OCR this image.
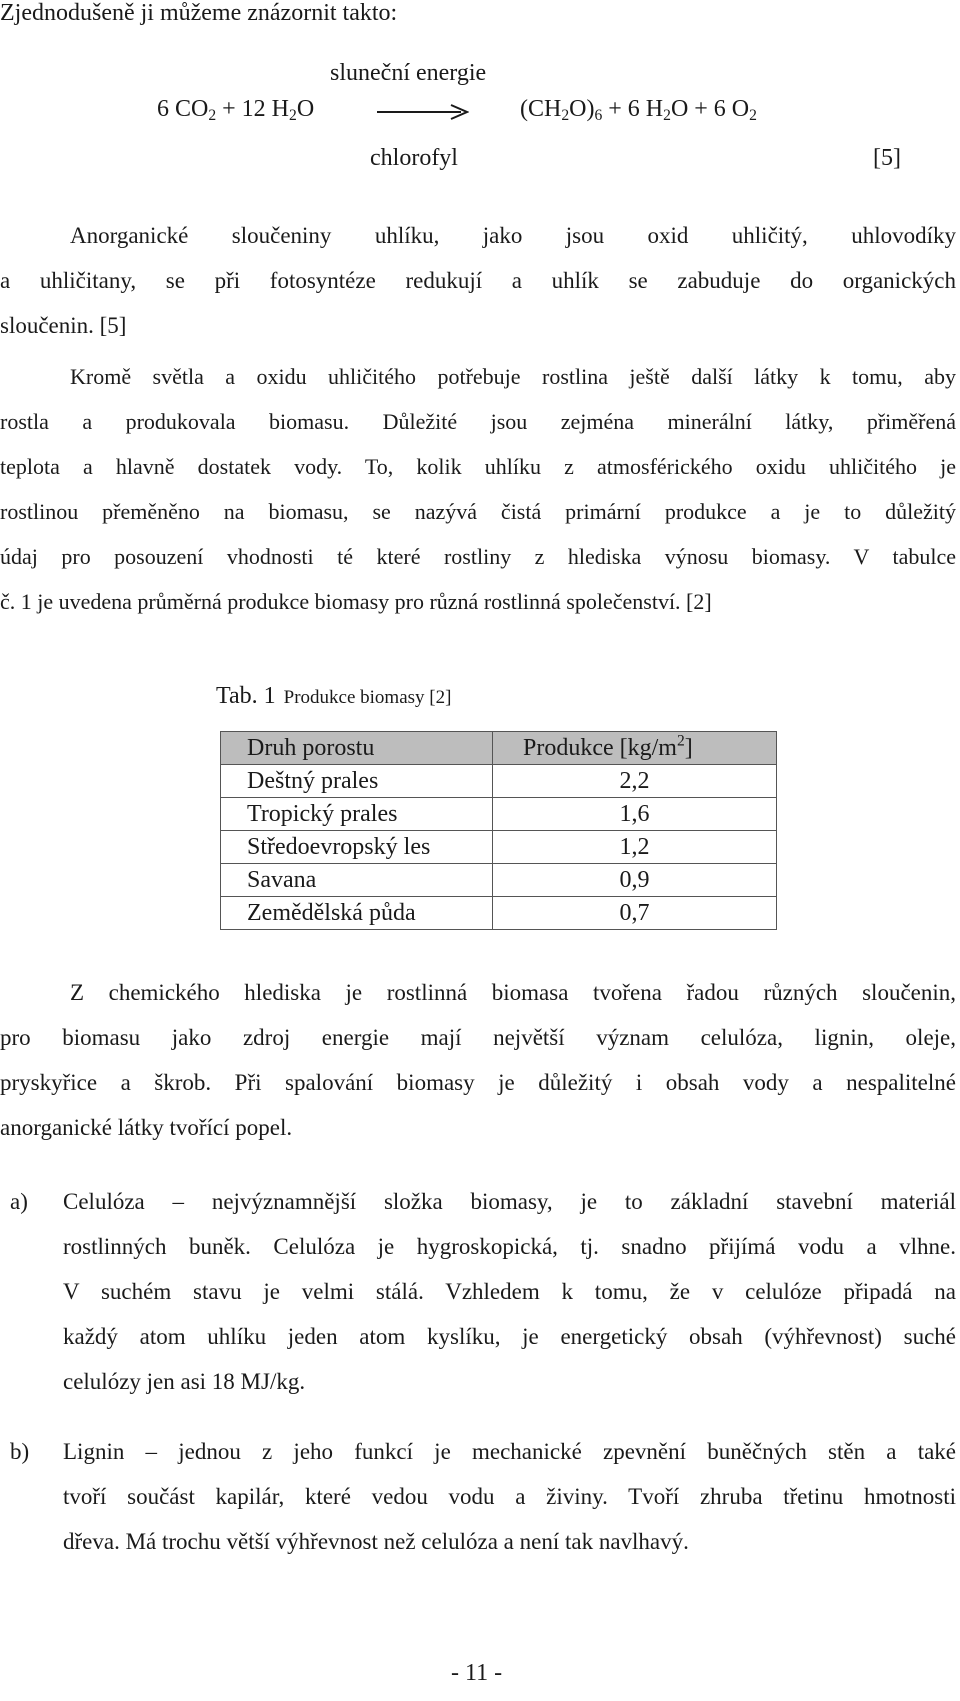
Zjednodušeně ji můžeme znázornit takto:
sluneční energie
6 $CO_2 + 12$ $H_2O$	$(CH_2O)_6 + 6$ $H_2O + 6$ $O_2$
chlorofyl	[5]
Anorganické sloučeniny uhlíku, jako jsou oxid uhličitý, uhlovodíky
a uhličitany, se při fotosyntéze redukují a uhlík se zabuduje do organických
sloučenin. [5]
Kromě světla a oxidu uhličitého potřebuje rostlina ještě další látky k tomu, aby
rostla a produkovala biomasu. Důležité jsou zejména minerální látky, přiměřená
teplota a hlavně dostatek vody. To, kolik uhlíku z atmosférického oxidu uhličitého je
rostlinou přeměněno na biomasu, se nazývá čistá primární produkce a je to důležitý
údaj pro posouzení vhodnosti té které rostliny z hlediska výnosu biomasy. V tabulce
č. 1 je uvedena průměrná produkce biomasy pro různá rostlinná společenství. [2]
Tab. 1 Produkce biomasy [2]
Druh porostu	Produkce $[kg/m^2]$
Deštný prales	2,2
Tropický prales	1,6
Středoevropský les	1,2
Savana	0,9
Zemědělská půda	0,7
Z chemického hlediska je rostlinná biomasa tvořena řadou různých sloučenin,
pro biomasu jako zdroj energie mají největší význam celulóza, lignin, oleje,
pryskyřice a škrob. Při spalování biomasy je důležitý i obsah vody a nespalitelné
anorganické látky tvořící popel.
a) Celulóza – nejvýznamnější složka biomasy, je to základní stavební materiál
rostlinných buněk. Celulóza je hygroskopická, tj. snadno přijímá vodu a vlhne.
V suchém stavu je velmi stálá. Vzhledem k tomu, že v celulóze připadá na
každý atom uhlíku jeden atom kyslíku, je energetický obsah (výhřevnost) suché
celulózy jen asi 18 MJ/kg.
b) Lignin – jednou z jeho funkcí je mechanické zpevnění buněčných stěn a také
tvoří součást kapilár, které vedou vodu a živiny. Tvoří zhruba třetinu hmotnosti
dřeva. Má trochu větší výhřevnost než celulóza a není tak navlhavý.
- 11 -
